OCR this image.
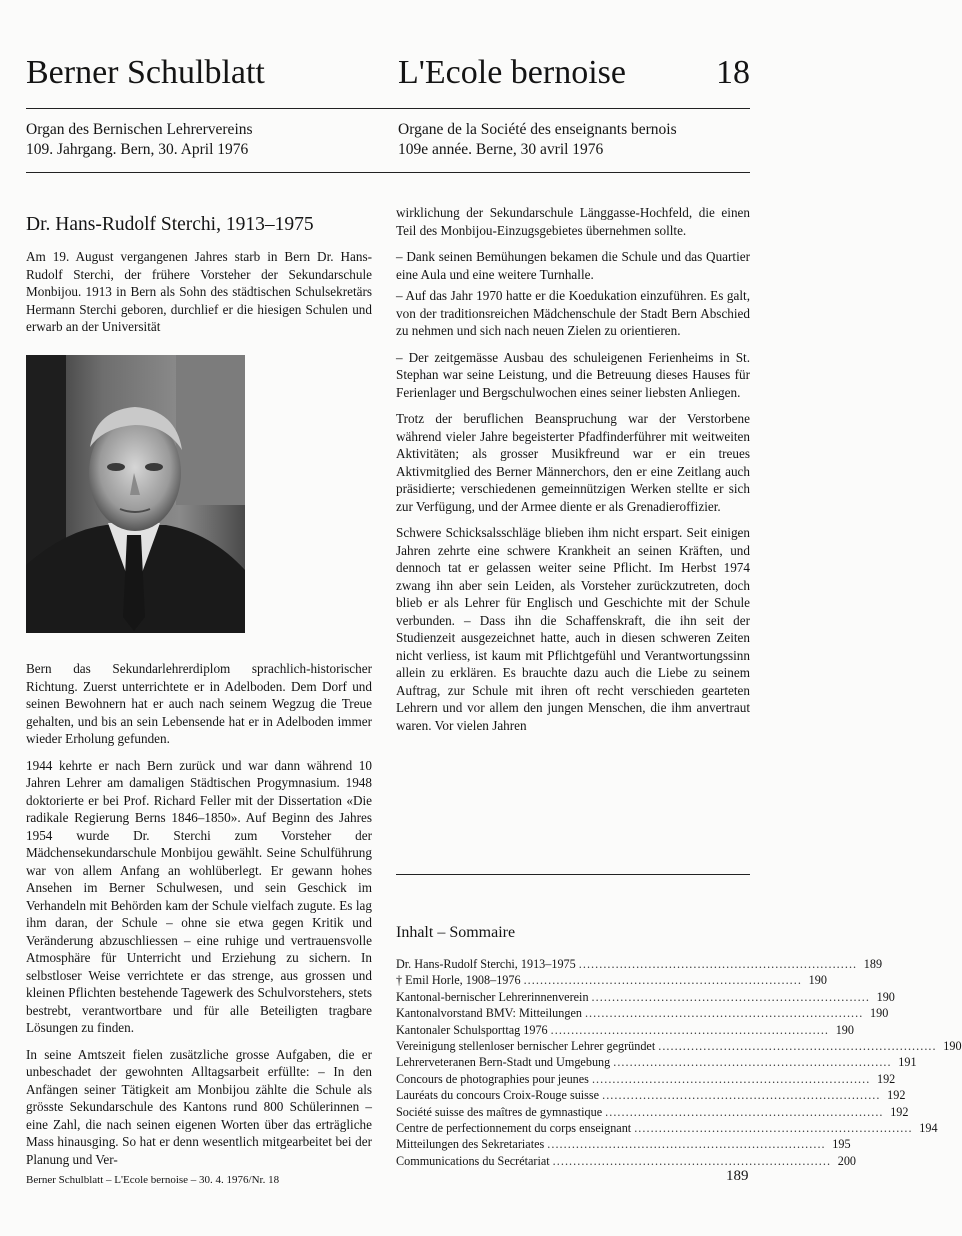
Berner Schulblatt	L'Ecole bernoise	18
Organ des Bernischen Lehrervereins
109. Jahrgang. Bern, 30. April 1976
Organe de la Société des enseignants bernois
109e année. Berne, 30 avril 1976
Dr. Hans-Rudolf Sterchi, 1913–1975

Am 19. August vergangenen Jahres starb in Bern Dr. Hans-Rudolf Sterchi, der frühere Vorsteher der Sekundarschule Monbijou. 1913 in Bern als Sohn des städtischen Schulsekretärs Hermann Sterchi geboren, durchlief er die hiesigen Schulen und erwarb an der Universität

Bern das Sekundarlehrerdiplom sprachlich-historischer Richtung. Zuerst unterrichtete er in Adelboden. Dem Dorf und seinen Bewohnern hat er auch nach seinem Wegzug die Treue gehalten, und bis an sein Lebensende hat er in Adelboden immer wieder Erholung gefunden.

1944 kehrte er nach Bern zurück und war dann während 10 Jahren Lehrer am damaligen Städtischen Progymnasium. 1948 doktorierte er bei Prof. Richard Feller mit der Dissertation «Die radikale Regierung Berns 1846–1850». Auf Beginn des Jahres 1954 wurde Dr. Sterchi zum Vorsteher der Mädchensekundarschule Monbijou gewählt. Seine Schulführung war von allem Anfang an wohlüberlegt. Er gewann hohes Ansehen im Berner Schulwesen, und sein Geschick im Verhandeln mit Behörden kam der Schule vielfach zugute. Es lag ihm daran, der Schule – ohne sie etwa gegen Kritik und Veränderung abzuschliessen – eine ruhige und vertrauensvolle Atmosphäre für Unterricht und Erziehung zu sichern. In selbstloser Weise verrichtete er das strenge, aus grossen und kleinen Pflichten bestehende Tagewerk des Schulvorstehers, stets bestrebt, verantwortbare und für alle Beteiligten tragbare Lösungen zu finden.

In seine Amtszeit fielen zusätzliche grosse Aufgaben, die er unbeschadet der gewohnten Alltagsarbeit erfüllte: – In den Anfängen seiner Tätigkeit am Monbijou zählte die Schule als grösste Sekundarschule des Kantons rund 800 Schülerinnen – eine Zahl, die nach seinen eigenen Worten über das erträgliche Mass hinausging. So hat er denn wesentlich mitgearbeitet bei der Planung und Ver-

wirklichung der Sekundarschule Länggasse-Hochfeld, die einen Teil des Monbijou-Einzugsgebietes übernehmen sollte.

– Dank seinen Bemühungen bekamen die Schule und das Quartier eine Aula und eine weitere Turnhalle.

– Auf das Jahr 1970 hatte er die Koedukation einzuführen. Es galt, von der traditionsreichen Mädchenschule der Stadt Bern Abschied zu nehmen und sich nach neuen Zielen zu orientieren.

– Der zeitgemässe Ausbau des schuleigenen Ferienheims in St. Stephan war seine Leistung, und die Betreuung dieses Hauses für Ferienlager und Bergschulwochen eines seiner liebsten Anliegen.

Trotz der beruflichen Beanspruchung war der Verstorbene während vieler Jahre begeisterter Pfadfinderführer mit weitweiten Aktivitäten; als grosser Musikfreund war er ein treues Aktivmitglied des Berner Männerchors, den er eine Zeitlang auch präsidierte; verschiedenen gemeinnützigen Werken stellte er sich zur Verfügung, und der Armee diente er als Grenadieroffizier.

Schwere Schicksalsschläge blieben ihm nicht erspart. Seit einigen Jahren zehrte eine schwere Krankheit an seinen Kräften, und dennoch tat er gelassen weiter seine Pflicht. Im Herbst 1974 zwang ihn aber sein Leiden, als Vorsteher zurückzutreten, doch blieb er als Lehrer für Englisch und Geschichte mit der Schule verbunden. – Dass ihn die Schaffenskraft, die ihn seit der Studienzeit ausgezeichnet hatte, auch in diesen schweren Zeiten nicht verliess, ist kaum mit Pflichtgefühl und Verantwortungssinn allein zu erklären. Es brauchte dazu auch die Liebe zu seinem Auftrag, zur Schule mit ihren oft recht verschieden gearteten Lehrern und vor allem den jungen Menschen, die ihm anvertraut waren. Vor vielen Jahren

Inhalt – Sommaire
Dr. Hans-Rudolf Sterchi, 1913–1975 . . .	189
† Emil Horle, 1908–1976 . . .	190
Kantonal-bernischer Lehrerinnenverein . . .	190
Kantonalvorstand BMV: Mitteilungen . . .	190
Kantonaler Schulsporttag 1976 . . .	190
Vereinigung stellenloser bernischer Lehrer gegründet . . .	190
Lehrerveteranen Bern-Stadt und Umgebung . . .	191
Concours de photographies pour jeunes . . .	192
Lauréats du concours Croix-Rouge suisse . . .	192
Société suisse des maîtres de gymnastique . . .	192
Centre de perfectionnement du corps enseignant . . .	194
Mitteilungen des Sekretariates . . .	195
Communications du Secrétariat . . .	200
Berner Schulblatt – L'Ecole bernoise – 30. 4. 1976/Nr. 18	189
